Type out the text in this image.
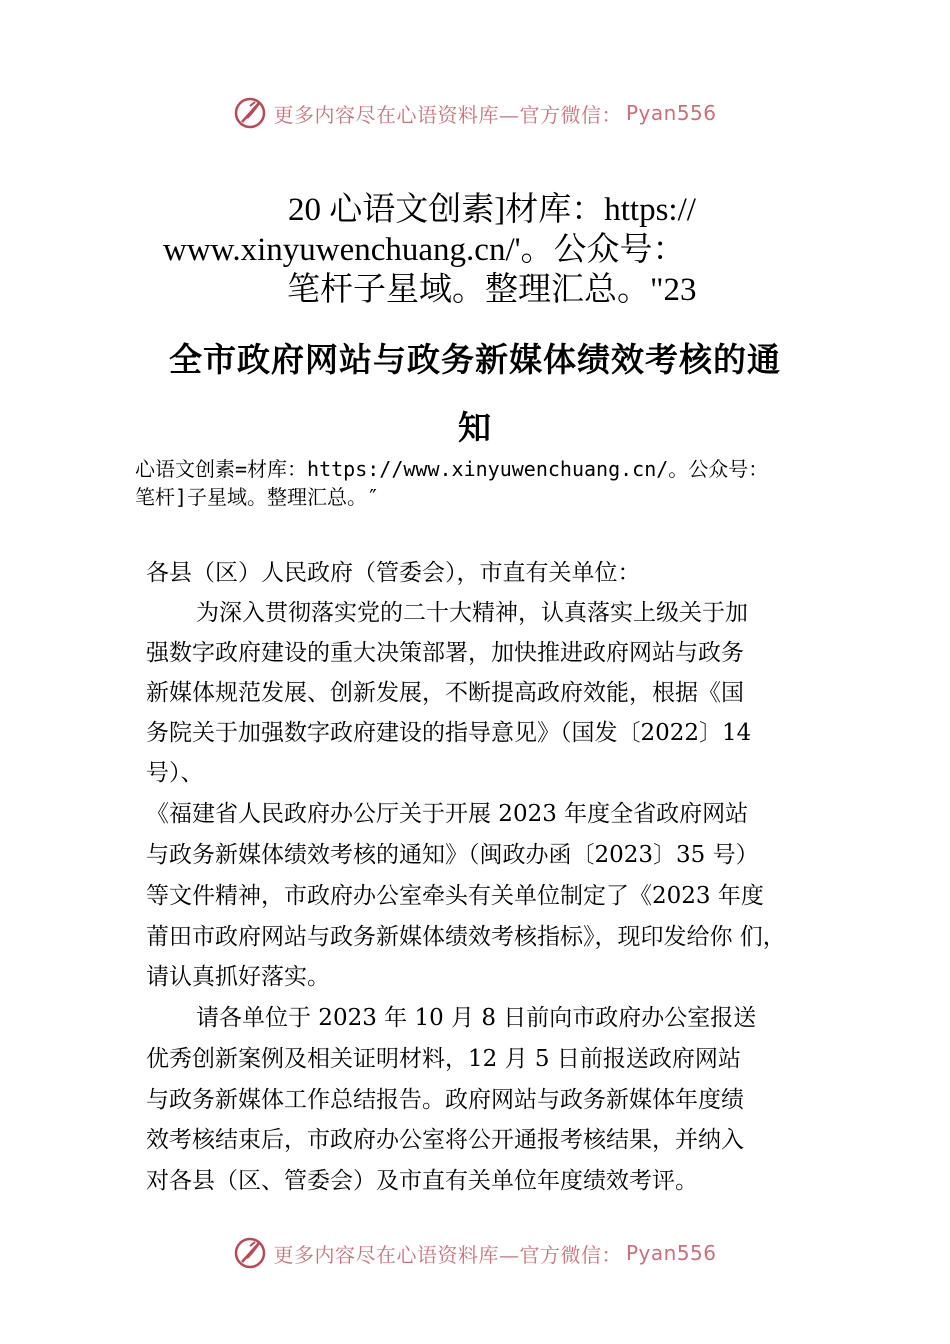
更多内容尽在心语资料库—官方微信： Pyan556
20 心语文创素]材库：https://
www.xinyuwenchuang.cn/'。公众号：
笔杆子星域。整理汇总。"23
全市政府网站与政务新媒体绩效考核的通
知
心语文创素=材库：https://www.xinyuwenchuang.cn/。公众号：
笔杆]子星域。整理汇总。″
各县（区）人民政府（管委会），市直有关单位：
为深入贯彻落实党的二十大精神，认真落实上级关于加
强数字政府建设的重大决策部署，加快推进政府网站与政务
新媒体规范发展、创新发展，不断提高政府效能，根据《国
务院关于加强数字政府建设的指导意见》（国发〔2022〕14
号）、
《福建省人民政府办公厅关于开展 2023 年度全省政府网站
与政务新媒体绩效考核的通知》（闽政办函〔2023〕35 号）
等文件精神，市政府办公室牵头有关单位制定了《2023 年度
莆田市政府网站与政务新媒体绩效考核指标》，现印发给你 们，
请认真抓好落实。
请各单位于 2023 年 10 月 8 日前向市政府办公室报送
优秀创新案例及相关证明材料，12 月 5 日前报送政府网站
与政务新媒体工作总结报告。政府网站与政务新媒体年度绩
效考核结束后，市政府办公室将公开通报考核结果，并纳入
对各县（区、管委会）及市直有关单位年度绩效考评。
更多内容尽在心语资料库—官方微信： Pyan556
